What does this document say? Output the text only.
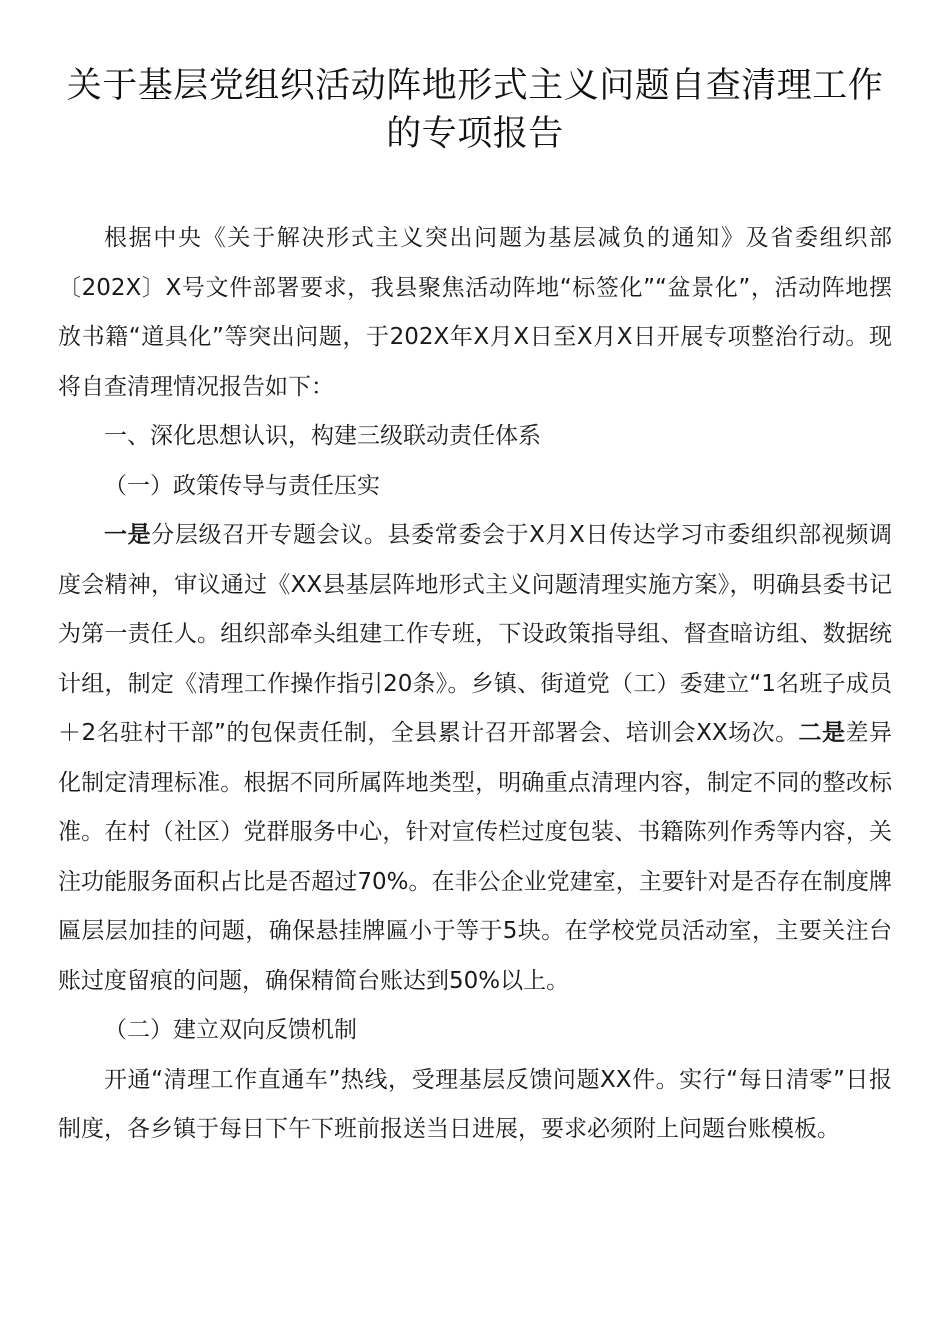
关于基层党组织活动阵地形式主义问题自查清理工作的专项报告

根据中央《关于解决形式主义突出问题为基层减负的通知》及省委组织部〔202X〕X号文件部署要求，我县聚焦活动阵地“标签化”“盆景化”，活动阵地摆放书籍“道具化”等突出问题，于202X年X月X日至X月X日开展专项整治行动。现将自查清理情况报告如下：

一、深化思想认识，构建三级联动责任体系

（一）政策传导与责任压实

一是分层级召开专题会议。县委常委会于X月X日传达学习市委组织部视频调度会精神，审议通过《XX县基层阵地形式主义问题清理实施方案》，明确县委书记为第一责任人。组织部牵头组建工作专班，下设政策指导组、督查暗访组、数据统计组，制定《清理工作操作指引20条》。乡镇、街道党（工）委建立“1名班子成员＋2名驻村干部”的包保责任制，全县累计召开部署会、培训会XX场次。二是差异化制定清理标准。根据不同所属阵地类型，明确重点清理内容，制定不同的整改标准。在村（社区）党群服务中心，针对宣传栏过度包装、书籍陈列作秀等内容，关注功能服务面积占比是否超过70%。在非公企业党建室，主要针对是否存在制度牌匾层层加挂的问题，确保悬挂牌匾小于等于5块。在学校党员活动室，主要关注台账过度留痕的问题，确保精简台账达到50%以上。

（二）建立双向反馈机制

开通“清理工作直通车”热线，受理基层反馈问题XX件。实行“每日清零”日报制度，各乡镇于每日下午下班前报送当日进展，要求必须附上问题台账模板。
